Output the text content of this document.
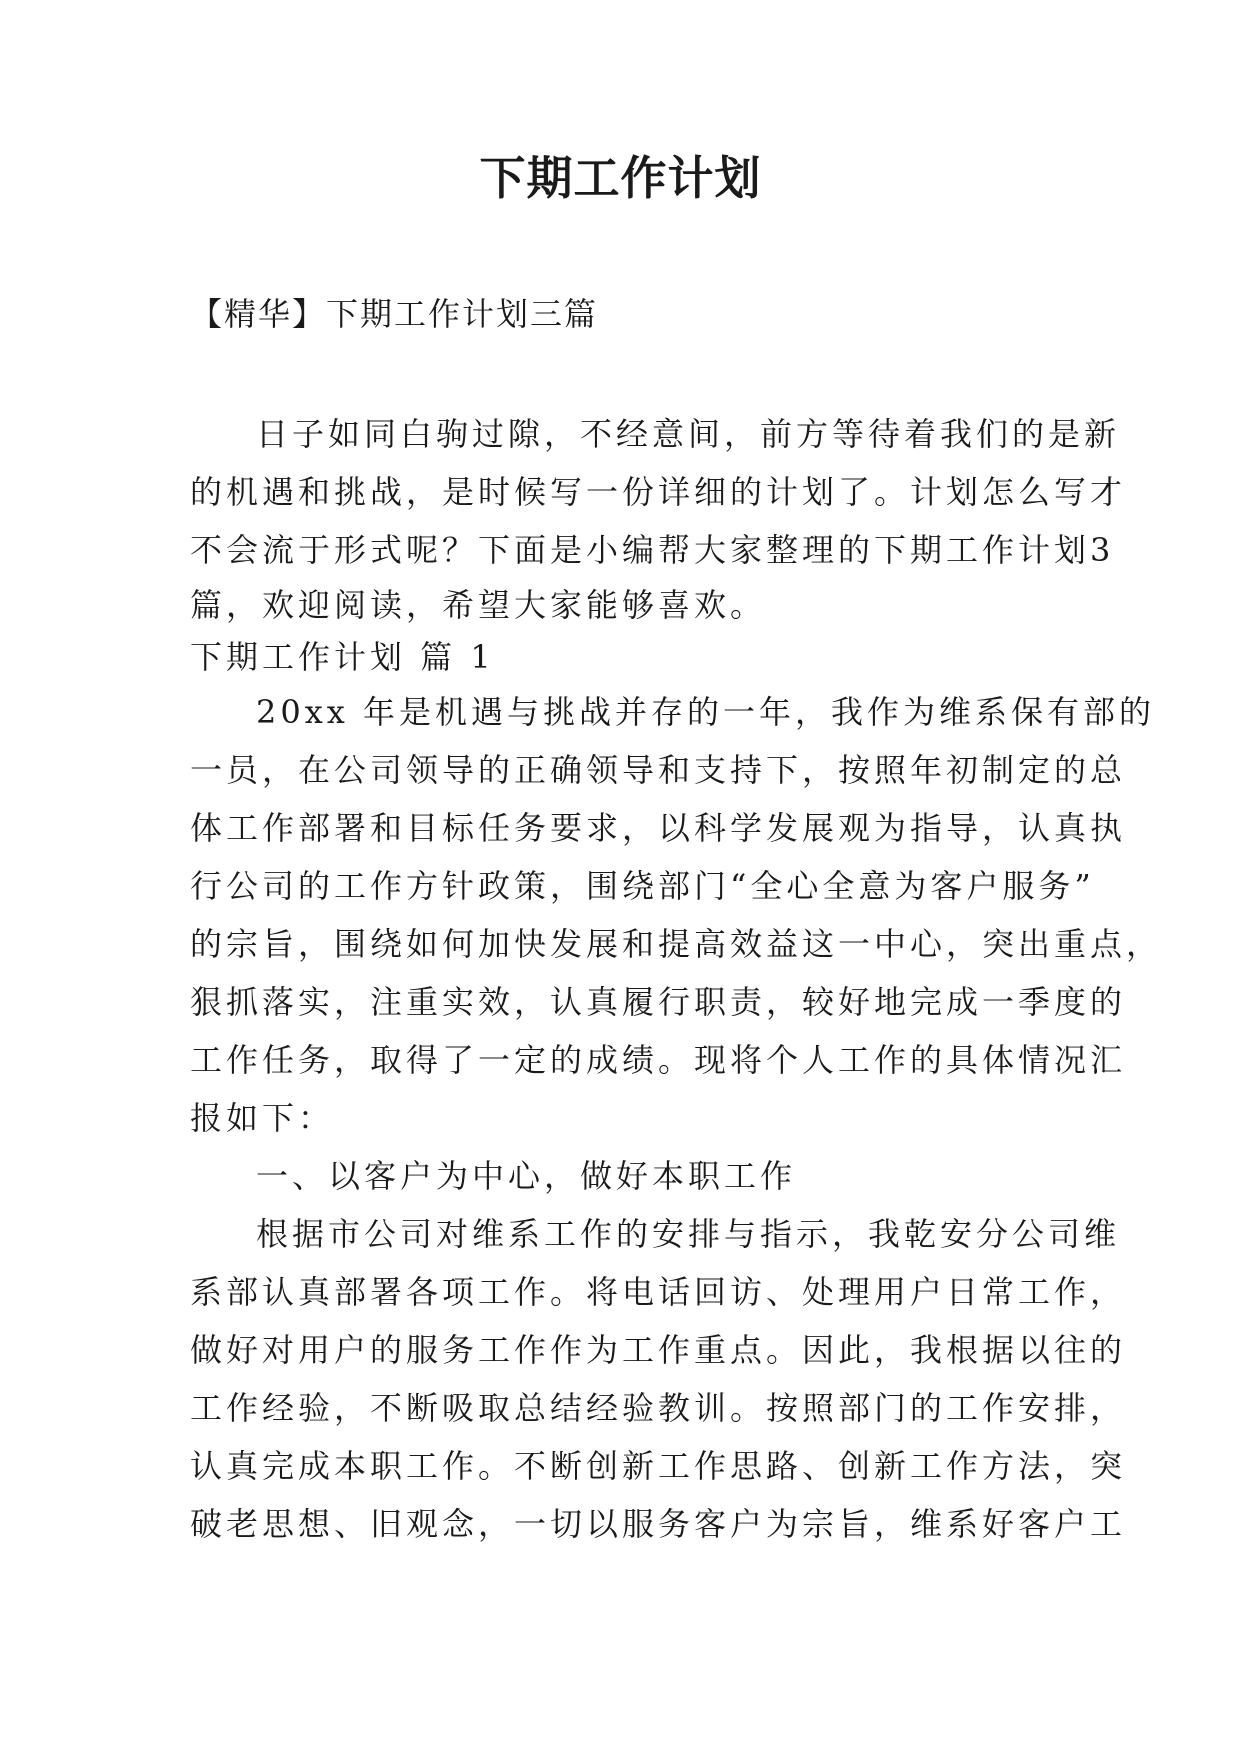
下期工作计划
【精华】下期工作计划三篇
日子如同白驹过隙，不经意间，前方等待着我们的是新
的机遇和挑战，是时候写一份详细的计划了。计划怎么写才
不会流于形式呢？下面是小编帮大家整理的下期工作计划3
篇，欢迎阅读，希望大家能够喜欢。
下期工作计划 篇 1
20xx 年是机遇与挑战并存的一年，我作为维系保有部的
一员，在公司领导的正确领导和支持下，按照年初制定的总
体工作部署和目标任务要求，以科学发展观为指导，认真执
行公司的工作方针政策，围绕部门“全心全意为客户服务”
的宗旨，围绕如何加快发展和提高效益这一中心，突出重点，
狠抓落实，注重实效，认真履行职责，较好地完成一季度的
工作任务，取得了一定的成绩。现将个人工作的具体情况汇
报如下：
一、以客户为中心，做好本职工作
根据市公司对维系工作的安排与指示，我乾安分公司维
系部认真部署各项工作。将电话回访、处理用户日常工作，
做好对用户的服务工作作为工作重点。因此，我根据以往的
工作经验，不断吸取总结经验教训。按照部门的工作安排，
认真完成本职工作。不断创新工作思路、创新工作方法，突
破老思想、旧观念，一切以服务客户为宗旨，维系好客户工
